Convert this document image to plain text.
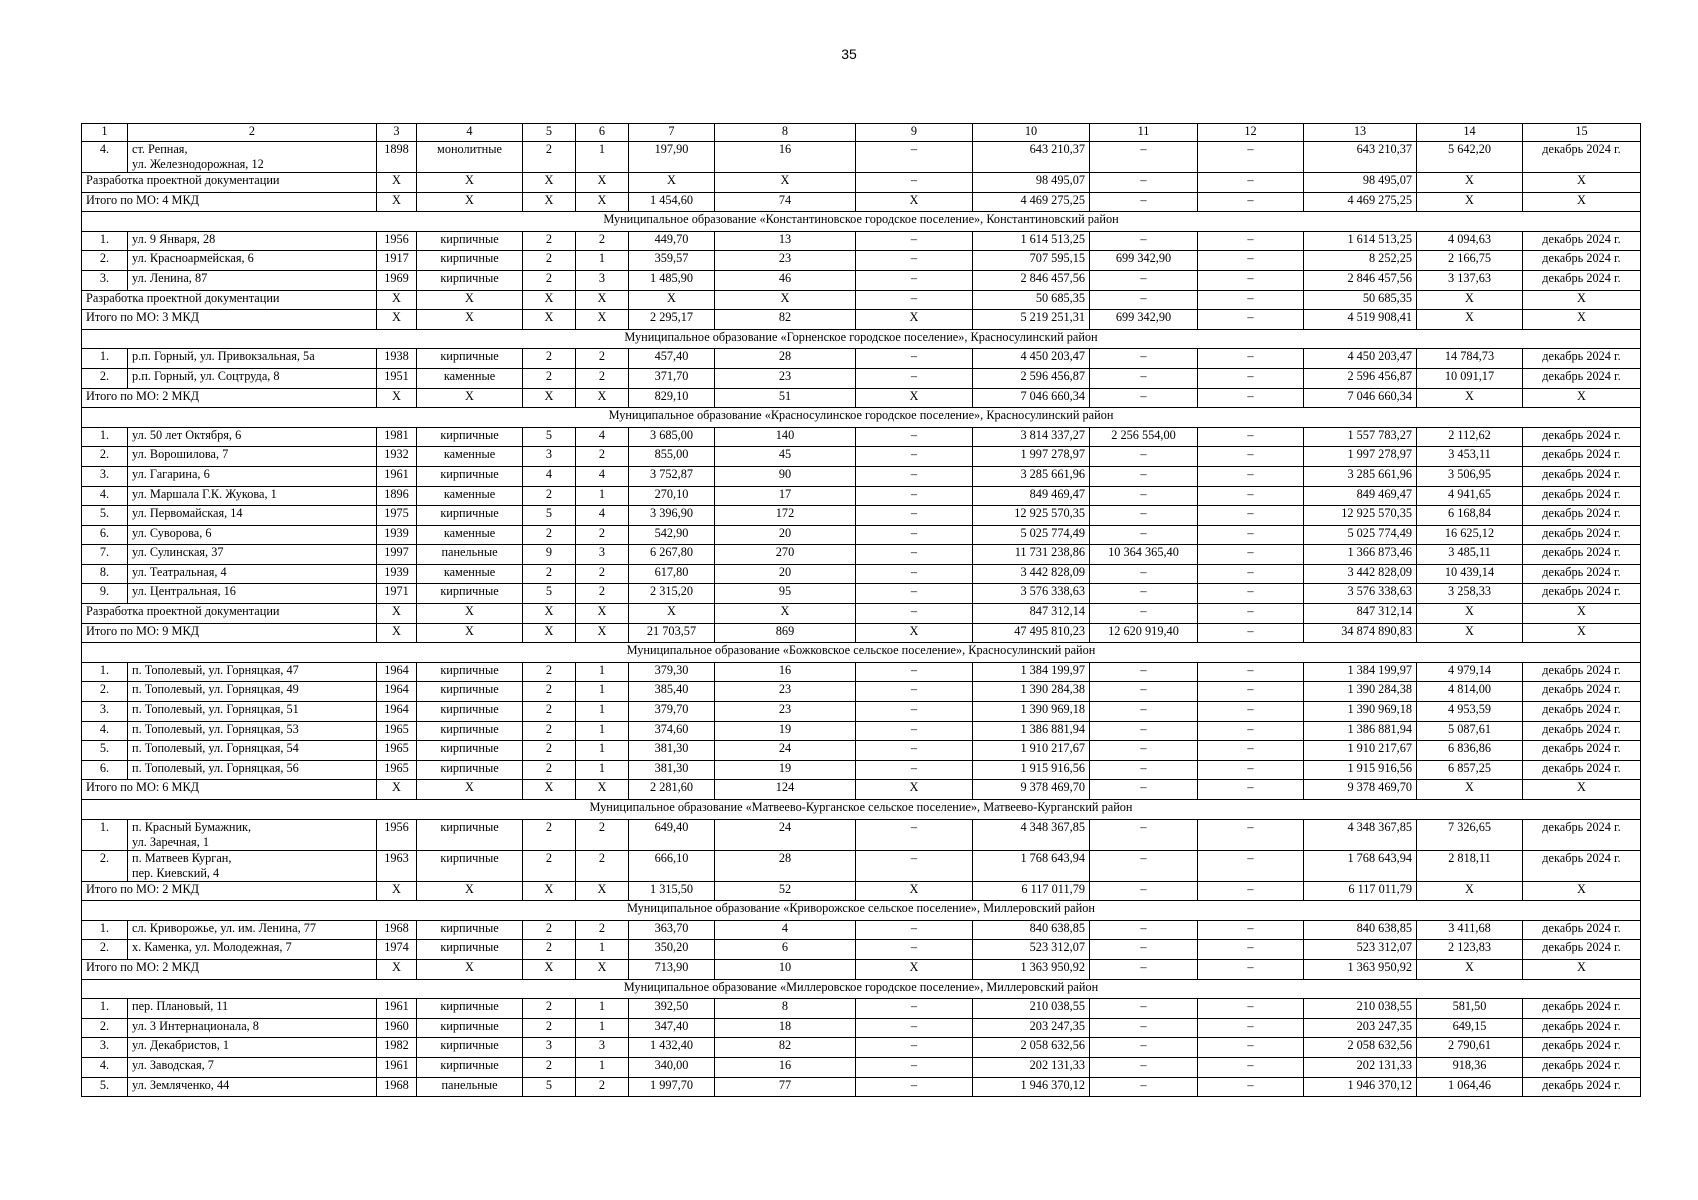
35
1	2	3	4	5	6	7	8	9	10	11	12	13	14	15
4.	ст. Репная,
ул. Железнодорожная, 12	1898	монолитные	2	1	197,90	16	–	643 210,37	–	–	643 210,37	5 642,20	декабрь 2024 г.
Разработка проектной документации		X	X	X	X	X	X	–	98 495,07	–	–	98 495,07	X	X
Итого по МО: 4 МКД		X	X	X	X	1 454,60	74	X	4 469 275,25	–	–	4 469 275,25	X	X
Муниципальное образование «Константиновское городское поселение», Константиновский район														
1.	ул. 9 Января, 28	1956	кирпичные	2	2	449,70	13	–	1 614 513,25	–	–	1 614 513,25	4 094,63	декабрь 2024 г.
2.	ул. Красноармейская, 6	1917	кирпичные	2	1	359,57	23	–	707 595,15	699 342,90	–	8 252,25	2 166,75	декабрь 2024 г.
3.	ул. Ленина, 87	1969	кирпичные	2	3	1 485,90	46	–	2 846 457,56	–	–	2 846 457,56	3 137,63	декабрь 2024 г.
Разработка проектной документации		X	X	X	X	X	X	–	50 685,35	–	–	50 685,35	X	X
Итого по МО: 3 МКД		X	X	X	X	2 295,17	82	X	5 219 251,31	699 342,90	–	4 519 908,41	X	X
Муниципальное образование «Горненское городское поселение», Красносулинский район														
1.	р.п. Горный, ул. Привокзальная, 5а	1938	кирпичные	2	2	457,40	28	–	4 450 203,47	–	–	4 450 203,47	14 784,73	декабрь 2024 г.
2.	р.п. Горный, ул. Соцтруда, 8	1951	каменные	2	2	371,70	23	–	2 596 456,87	–	–	2 596 456,87	10 091,17	декабрь 2024 г.
Итого по МО: 2 МКД		X	X	X	X	829,10	51	X	7 046 660,34	–	–	7 046 660,34	X	X
Муниципальное образование «Красносулинское городское поселение», Красносулинский район														
1.	ул. 50 лет Октября, 6	1981	кирпичные	5	4	3 685,00	140	–	3 814 337,27	2 256 554,00	–	1 557 783,27	2 112,62	декабрь 2024 г.
2.	ул. Ворошилова, 7	1932	каменные	3	2	855,00	45	–	1 997 278,97	–	–	1 997 278,97	3 453,11	декабрь 2024 г.
3.	ул. Гагарина, 6	1961	кирпичные	4	4	3 752,87	90	–	3 285 661,96	–	–	3 285 661,96	3 506,95	декабрь 2024 г.
4.	ул. Маршала Г.К. Жукова, 1	1896	каменные	2	1	270,10	17	–	849 469,47	–	–	849 469,47	4 941,65	декабрь 2024 г.
5.	ул. Первомайская, 14	1975	кирпичные	5	4	3 396,90	172	–	12 925 570,35	–	–	12 925 570,35	6 168,84	декабрь 2024 г.
6.	ул. Суворова, 6	1939	каменные	2	2	542,90	20	–	5 025 774,49	–	–	5 025 774,49	16 625,12	декабрь 2024 г.
7.	ул. Сулинская, 37	1997	панельные	9	3	6 267,80	270	–	11 731 238,86	10 364 365,40	–	1 366 873,46	3 485,11	декабрь 2024 г.
8.	ул. Театральная, 4	1939	каменные	2	2	617,80	20	–	3 442 828,09	–	–	3 442 828,09	10 439,14	декабрь 2024 г.
9.	ул. Центральная, 16	1971	кирпичные	5	2	2 315,20	95	–	3 576 338,63	–	–	3 576 338,63	3 258,33	декабрь 2024 г.
Разработка проектной документации		X	X	X	X	X	X	–	847 312,14	–	–	847 312,14	X	X
Итого по МО: 9 МКД		X	X	X	X	21 703,57	869	X	47 495 810,23	12 620 919,40	–	34 874 890,83	X	X
Муниципальное образование «Божковское сельское поселение», Красносулинский район														
1.	п. Тополевый, ул. Горняцкая, 47	1964	кирпичные	2	1	379,30	16	–	1 384 199,97	–	–	1 384 199,97	4 979,14	декабрь 2024 г.
2.	п. Тополевый, ул. Горняцкая, 49	1964	кирпичные	2	1	385,40	23	–	1 390 284,38	–	–	1 390 284,38	4 814,00	декабрь 2024 г.
3.	п. Тополевый, ул. Горняцкая, 51	1964	кирпичные	2	1	379,70	23	–	1 390 969,18	–	–	1 390 969,18	4 953,59	декабрь 2024 г.
4.	п. Тополевый, ул. Горняцкая, 53	1965	кирпичные	2	1	374,60	19	–	1 386 881,94	–	–	1 386 881,94	5 087,61	декабрь 2024 г.
5.	п. Тополевый, ул. Горняцкая, 54	1965	кирпичные	2	1	381,30	24	–	1 910 217,67	–	–	1 910 217,67	6 836,86	декабрь 2024 г.
6.	п. Тополевый, ул. Горняцкая, 56	1965	кирпичные	2	1	381,30	19	–	1 915 916,56	–	–	1 915 916,56	6 857,25	декабрь 2024 г.
Итого по МО: 6 МКД		X	X	X	X	2 281,60	124	X	9 378 469,70	–	–	9 378 469,70	X	X
Муниципальное образование «Матвеево-Курганское сельское поселение», Матвеево-Курганский район														
1.	п. Красный Бумажник,
ул. Заречная, 1	1956	кирпичные	2	2	649,40	24	–	4 348 367,85	–	–	4 348 367,85	7 326,65	декабрь 2024 г.
2.	п. Матвеев Курган,
пер. Киевский, 4	1963	кирпичные	2	2	666,10	28	–	1 768 643,94	–	–	1 768 643,94	2 818,11	декабрь 2024 г.
Итого по МО: 2 МКД		X	X	X	X	1 315,50	52	X	6 117 011,79	–	–	6 117 011,79	X	X
Муниципальное образование «Криворожское сельское поселение», Миллеровский район														
1.	сл. Криворожье, ул. им. Ленина, 77	1968	кирпичные	2	2	363,70	4	–	840 638,85	–	–	840 638,85	3 411,68	декабрь 2024 г.
2.	х. Каменка, ул. Молодежная, 7	1974	кирпичные	2	1	350,20	6	–	523 312,07	–	–	523 312,07	2 123,83	декабрь 2024 г.
Итого по МО: 2 МКД		X	X	X	X	713,90	10	X	1 363 950,92	–	–	1 363 950,92	X	X
Муниципальное образование «Миллеровское городское поселение», Миллеровский район														
1.	пер. Плановый, 11	1961	кирпичные	2	1	392,50	8	–	210 038,55	–	–	210 038,55	581,50	декабрь 2024 г.
2.	ул. 3 Интернационала, 8	1960	кирпичные	2	1	347,40	18	–	203 247,35	–	–	203 247,35	649,15	декабрь 2024 г.
3.	ул. Декабристов, 1	1982	кирпичные	3	3	1 432,40	82	–	2 058 632,56	–	–	2 058 632,56	2 790,61	декабрь 2024 г.
4.	ул. Заводская, 7	1961	кирпичные	2	1	340,00	16	–	202 131,33	–	–	202 131,33	918,36	декабрь 2024 г.
5.	ул. Земляченко, 44	1968	панельные	5	2	1 997,70	77	–	1 946 370,12	–	–	1 946 370,12	1 064,46	декабрь 2024 г.
